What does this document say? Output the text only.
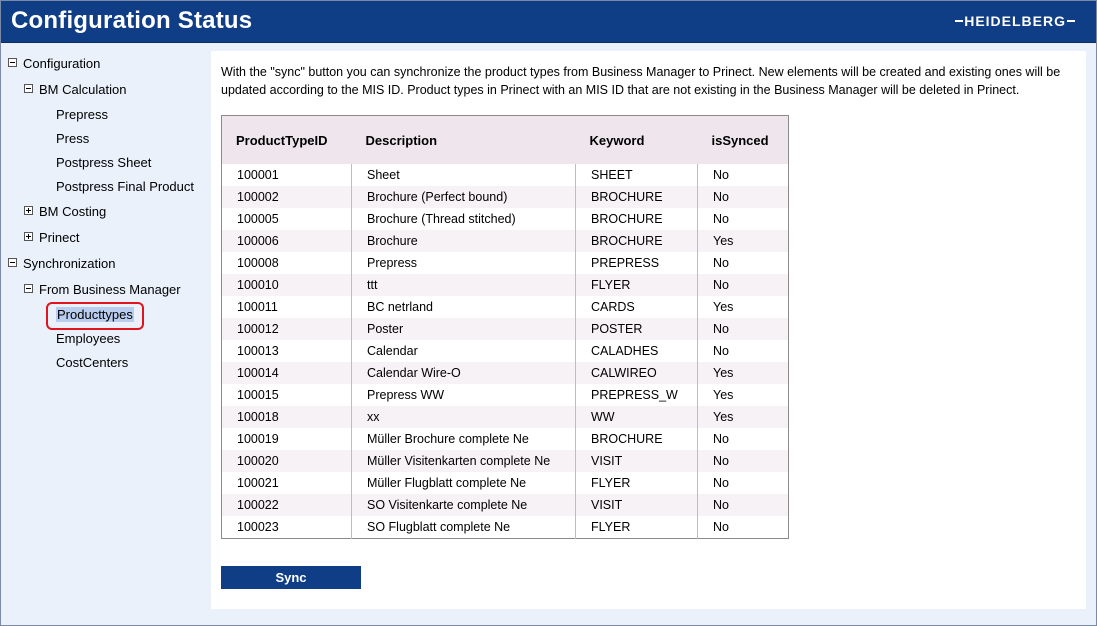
Configuration Status	HEIDELBERG
Configuration
BM Calculation
Prepress
Press
Postpress Sheet
Postpress Final Product
BM Costing
Prinect
Synchronization
From Business Manager
Producttypes
Employees
CostCenters
With the "sync" button you can synchronize the product types from Business Manager to Prinect. New elements will be created and existing ones will be updated according to the MIS ID. Product types in Prinect with an MIS ID that are not existing in the Business Manager will be deleted in Prinect.
ProductTypeID	Description	Keyword	isSynced
100001	Sheet	SHEET	No
100002	Brochure (Perfect bound)	BROCHURE	No
100005	Brochure (Thread stitched)	BROCHURE	No
100006	Brochure	BROCHURE	Yes
100008	Prepress	PREPRESS	No
100010	ttt	FLYER	No
100011	BC netrland	CARDS	Yes
100012	Poster	POSTER	No
100013	Calendar	CALADHES	No
100014	Calendar Wire-O	CALWIREO	Yes
100015	Prepress WW	PREPRESS_W	Yes
100018	xx	WW	Yes
100019	Müller Brochure complete Ne	BROCHURE	No
100020	Müller Visitenkarten complete Ne	VISIT	No
100021	Müller Flugblatt complete Ne	FLYER	No
100022	SO Visitenkarte complete Ne	VISIT	No
100023	SO Flugblatt complete Ne	FLYER	No
Sync
